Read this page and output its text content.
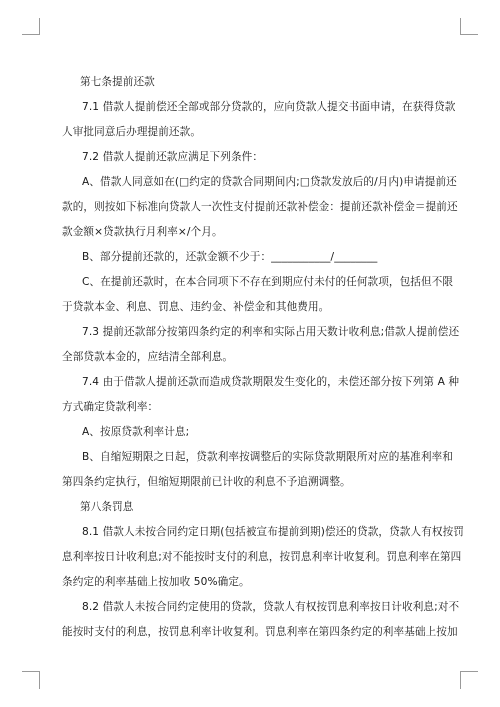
第七条提前还款

7.1 借款人提前偿还全部或部分贷款的，应向贷款人提交书面申请，在获得贷款

人审批同意后办理提前还款。

7.2 借款人提前还款应满足下列条件：

A、借款人同意如在(□约定的贷款合同期间内;□贷款发放后的/月内)申请提前还

款的，则按如下标准向贷款人一次性支付提前还款补偿金：提前还款补偿金＝提前还

款金额×贷款执行月利率×/个月。

B、部分提前还款的，还款金额不少于：___________/________

C、在提前还款时，在本合同项下不存在到期应付未付的任何款项，包括但不限

于贷款本金、利息、罚息、违约金、补偿金和其他费用。

7.3 提前还款部分按第四条约定的利率和实际占用天数计收利息;借款人提前偿还

全部贷款本金的，应结清全部利息。

7.4 由于借款人提前还款而造成贷款期限发生变化的，未偿还部分按下列第 A 种

方式确定贷款利率：

A、按原贷款利率计息;

B、自缩短期限之日起，贷款利率按调整后的实际贷款期限所对应的基准利率和

第四条约定执行，但缩短期限前已计收的利息不予追溯调整。

第八条罚息

8.1 借款人未按合同约定日期(包括被宣布提前到期)偿还的贷款，贷款人有权按罚

息利率按日计收利息;对不能按时支付的利息，按罚息利率计收复利。罚息利率在第四

条约定的利率基础上按加收 50%确定。

8.2 借款人未按合同约定使用的贷款，贷款人有权按罚息利率按日计收利息;对不

能按时支付的利息，按罚息利率计收复利。罚息利率在第四条约定的利率基础上按加
